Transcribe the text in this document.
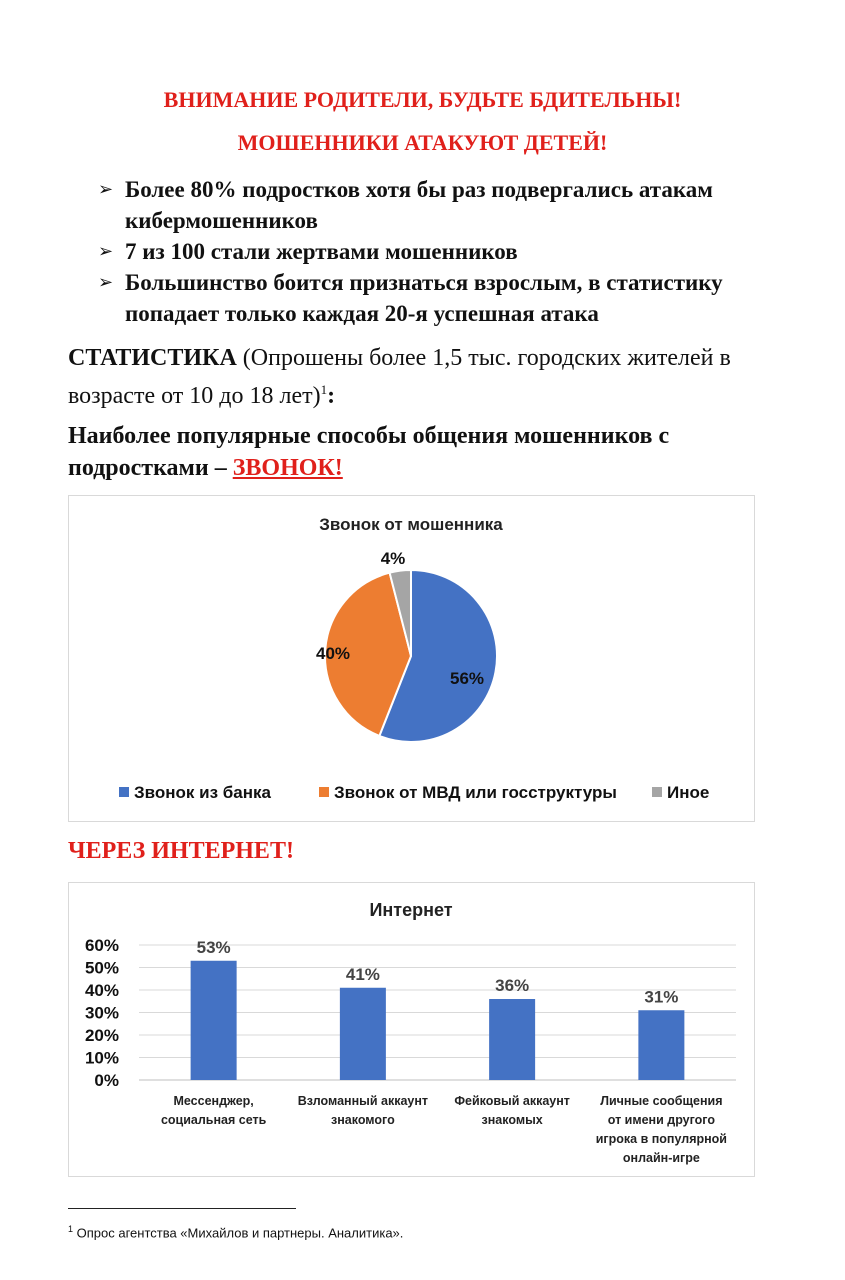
ВНИМАНИЕ РОДИТЕЛИ, БУДЬТЕ БДИТЕЛЬНЫ!
МОШЕННИКИ АТАКУЮТ ДЕТЕЙ!
➢ Более 80% подростков хотя бы раз подвергались атакам кибермошенников
➢ 7 из 100 стали жертвами мошенников
➢ Большинство боится признаться взрослым, в статистику попадает только каждая 20-я успешная атака
СТАТИСТИКА (Опрошены более 1,5 тыс. городских жителей в возрасте от 10 до 18 лет)$^1$:
Наиболее популярные способы общения мошенников с подростками – ЗВОНОК!
Звонок от мошенника
56%
40%
4%
Звонок из банка	Звонок от МВД или госструктуры	Иное
ЧЕРЕЗ ИНТЕРНЕТ!
Интернет
0%
10%
20%
30%
40%
50%
60%	53%
41%
36%
31%
Мессенджер,
социальная сеть
Взломанный аккаунт
знакомого
Фейковый аккаунт
знакомых
Личные сообщения
от имени другого
игрока в популярной
онлайн-игре
$^1$ Опрос агентства «Михайлов и партнеры. Аналитика».
